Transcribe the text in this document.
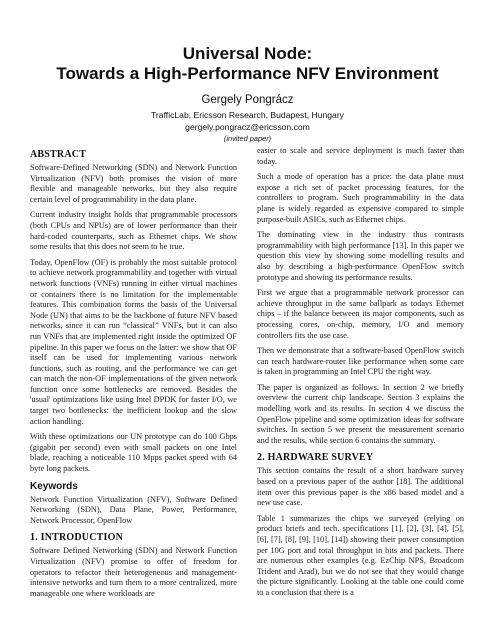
Universal Node:
Towards a High-Performance NFV Environment
Gergely Pongrácz
TrafficLab, Ericsson Research, Budapest, Hungary
gergely.pongracz@ericsson.com
(invited paper)
ABSTRACT

Software-Defined Networking (SDN) and Network Function Virtualization (NFV) both promises the vision of more flexible and manageable networks, but they also require certain level of programmability in the data plane.

Current industry insight holds that programmable processors (both CPUs and NPUs) are of lower performance than their hard-coded counterparts, such as Ethernet chips. We show some results that this does not seem to be true.

Today, OpenFlow (OF) is probably the most suitable protocol to achieve network programmability and together with virtual network functions (VNFs) running in either virtual machines or containers there is no limitation for the implementable features. This combination forms the basis of the Universal Node (UN) that aims to be the backbone of future NFV based networks, since it can run “classical” VNFs, but it can also run VNFs that are implemented right inside the optimized OF pipeline. In this paper we focus on the latter: we show that OF itself can be used for implementing various network functions, such as routing, and the performance we can get can match the non-OF implementations of the given network function once some bottlenecks are removed. Besides the 'usual' optimizations like using Intel DPDK for faster I/O, we target two bottlenecks: the inefficient lookup and the slow action handling.

With these optimizations our UN prototype can do 100 Gbps (gigabit per second) even with small packets on one Intel blade, reaching a noticeable 110 Mpps packet speed with 64 byte long packets.

Keywords

Network Function Virtualization (NFV), Software Defined Networking (SDN), Data Plane, Power, Performance, Network Processor, OpenFlow

1. INTRODUCTION

Software Defined Networking (SDN) and Network Function Virtualization (NFV) promise to offer of freedom for operators to refactor their heterogeneous and management-intensive networks and turn them to a more centralized, more manageable one where workloads are

easier to scale and service deployment is much faster than today.

Such a mode of operation has a price: the data plane must expose a rich set of packet processing features, for the controllers to program. Such programmability in the data plane is widely regarded as expensive compared to simple purpose-built ASICs, such as Ethernet chips.

The dominating view in the industry thus contrasts programmability with high performance [13]. In this paper we question this view by showing some modelling results and also by describing a high-performance OpenFlow switch prototype and showing its performance results.

First we argue that a programmable network processor can achieve throughput in the same ballpark as todays Ethernet chips – if the balance between its major components, such as processing cores, on-chip, memory, I/O and memory controllers fits the use case.

Then we demonstrate that a software-based OpenFlow switch can reach hardware-router like performance when some care is taken in programming an Intel CPU the right way.

The paper is organized as follows. In section 2 we briefly overview the current chip landscape. Section 3 explains the modelling work and its results. In section 4 we discuss the OpenFlow pipeline and some optimization ideas for software switches. In section 5 we present the measurement scenario and the results, while section 6 contains the summary.

2. HARDWARE SURVEY

This section contains the result of a short hardware survey based on a previous paper of the author [18]. The additional item over this previous paper is the x86 based model and a new use case.

Table 1 summarizes the chips we surveyed (relying on product briefs and tech. specifications [1], [2], [3], [4], [5], [6], [7], [8], [9], [10], [14]) showing their power consumption per 10G port and total throughput in bits and packets. There are numerous other examples (e.g. EzChip NPS, Broadcom Trident and Arad), but we do not see that they would change the picture significantly. Looking at the table one could come to a conclusion that there is a
